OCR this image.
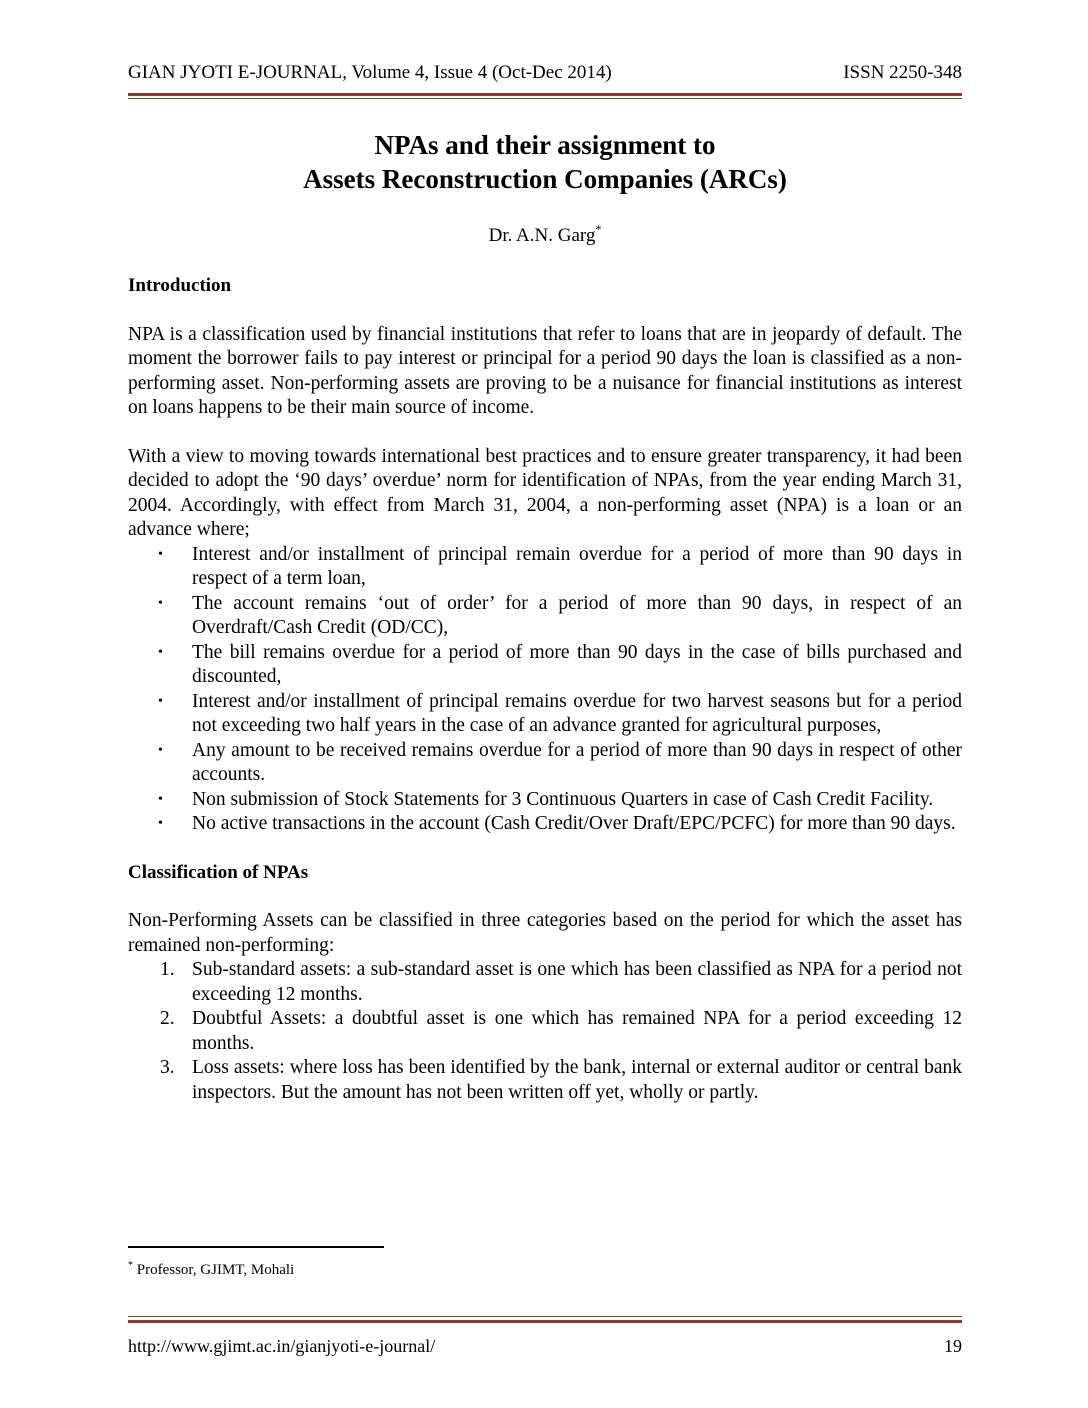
GIAN JYOTI E-JOURNAL, Volume 4, Issue 4 (Oct-Dec 2014)	ISSN 2250-348
NPAs and their assignment to
Assets Reconstruction Companies (ARCs)
Dr. A.N. Garg*
Introduction

NPA is a classification used by financial institutions that refer to loans that are in jeopardy of default. The moment the borrower fails to pay interest or principal for a period 90 days the loan is classified as a non-performing asset. Non-performing assets are proving to be a nuisance for financial institutions as interest on loans happens to be their main source of income.

With a view to moving towards international best practices and to ensure greater transparency, it had been decided to adopt the ‘90 days’ overdue’ norm for identification of NPAs, from the year ending March 31, 2004. Accordingly, with effect from March 31, 2004, a non-performing asset (NPA) is a loan or an advance where;

• Interest and/or installment of principal remain overdue for a period of more than 90 days in respect of a term loan,
• The account remains ‘out of order’ for a period of more than 90 days, in respect of an Overdraft/Cash Credit (OD/CC),
• The bill remains overdue for a period of more than 90 days in the case of bills purchased and discounted,
• Interest and/or installment of principal remains overdue for two harvest seasons but for a period not exceeding two half years in the case of an advance granted for agricultural purposes,
• Any amount to be received remains overdue for a period of more than 90 days in respect of other accounts.
• Non submission of Stock Statements for 3 Continuous Quarters in case of Cash Credit Facility.
• No active transactions in the account (Cash Credit/Over Draft/EPC/PCFC) for more than 90 days.
Classification of NPAs

Non-Performing Assets can be classified in three categories based on the period for which the asset has remained non-performing:

1. Sub-standard assets: a sub-standard asset is one which has been classified as NPA for a period not exceeding 12 months.
2. Doubtful Assets: a doubtful asset is one which has remained NPA for a period exceeding 12 months.
3. Loss assets: where loss has been identified by the bank, internal or external auditor or central bank inspectors. But the amount has not been written off yet, wholly or partly.
* Professor, GJIMT, Mohali
http://www.gjimt.ac.in/gianjyoti-e-journal/	19
